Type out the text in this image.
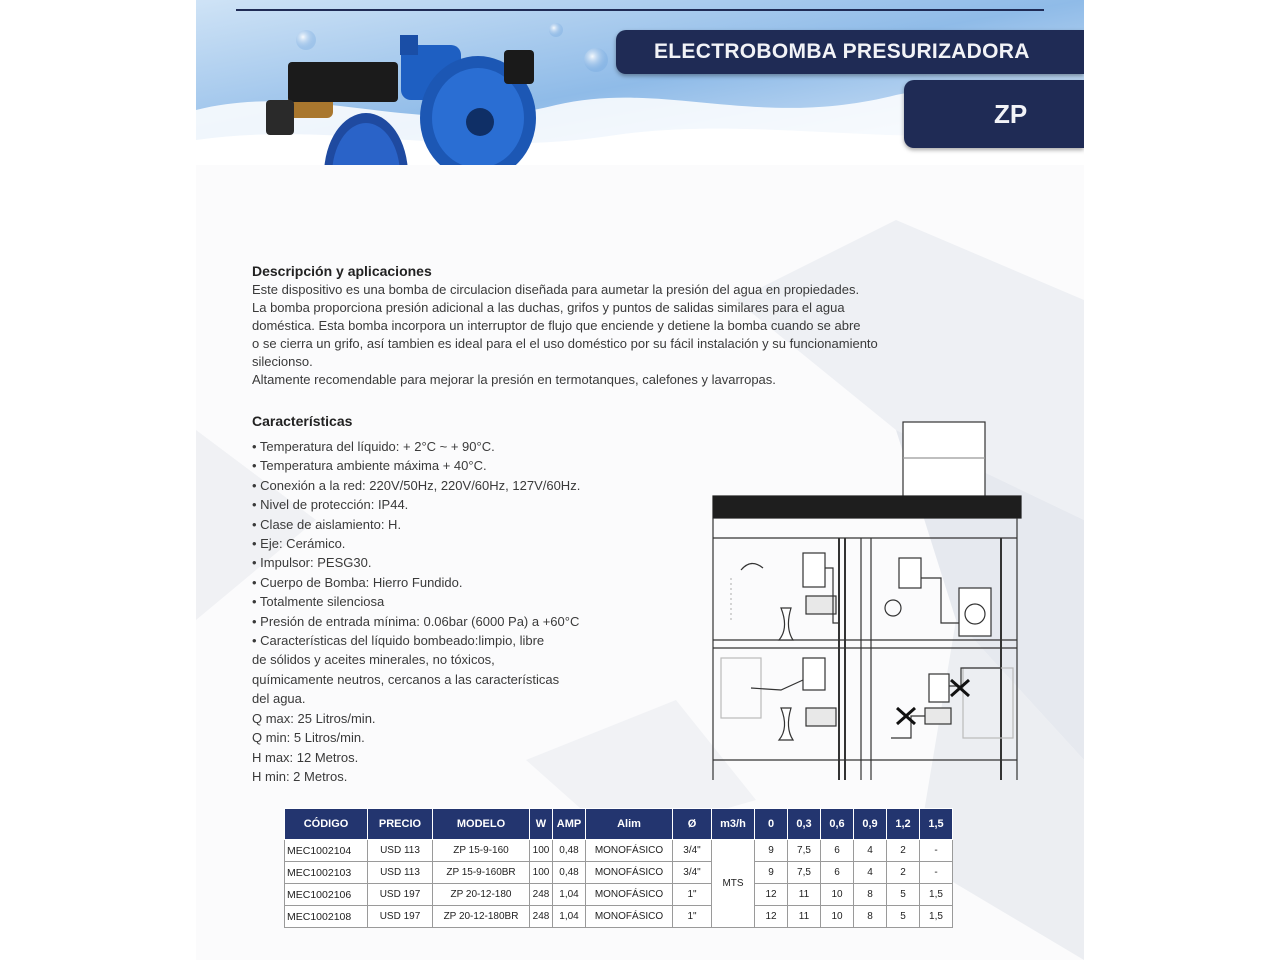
ELECTROBOMBA PRESURIZADORA
ZP
Descripción y aplicaciones

Este dispositivo es una bomba de circulacion diseñada para aumetar la presión del agua en propiedades.

La bomba proporciona presión adicional a las duchas, grifos y puntos de salidas similares para el agua

doméstica. Esta bomba incorpora un interruptor de flujo que enciende y detiene la bomba cuando se abre

o se cierra un grifo, así tambien es ideal para el el uso doméstico por su fácil instalación y su funcionamiento

silecionso.

Altamente recomendable para mejorar la presión en termotanques, calefones y lavarropas.

Características
• Temperatura del líquido: + 2°C ~ + 90°C.
• Temperatura ambiente máxima + 40°C.
• Conexión a la red: 220V/50Hz, 220V/60Hz, 127V/60Hz.
• Nivel de protección: IP44.
• Clase de aislamiento: H.
• Eje: Cerámico.
• Impulsor: PESG30.
• Cuerpo de Bomba: Hierro Fundido.
• Totalmente silenciosa
• Presión de entrada mínima: 0.06bar (6000 Pa) a +60°C
• Características del líquido bombeado:limpio, libre
de sólidos y aceites minerales, no tóxicos,
químicamente neutros, cercanos a las características
del agua.
Q max: 25 Litros/min.
Q min: 5 Litros/min.
H max: 12 Metros.
H min: 2 Metros.
CÓDIGO	PRECIO	MODELO	W	AMP	Alim	Ø	m3/h	0	0,3	0,6	0,9	1,2	1,5
MEC1002104	USD 113	ZP 15-9-160	100	0,48	MONOFÁSICO	3/4"	MTS	9	7,5	6	4	2	-
MEC1002103	USD 113	ZP 15-9-160BR	100	0,48	MONOFÁSICO	3/4"		9	7,5	6	4	2	-
MEC1002106	USD 197	ZP 20-12-180	248	1,04	MONOFÁSICO	1"		12	11	10	8	5	1,5
MEC1002108	USD 197	ZP 20-12-180BR	248	1,04	MONOFÁSICO	1"		12	11	10	8	5	1,5
